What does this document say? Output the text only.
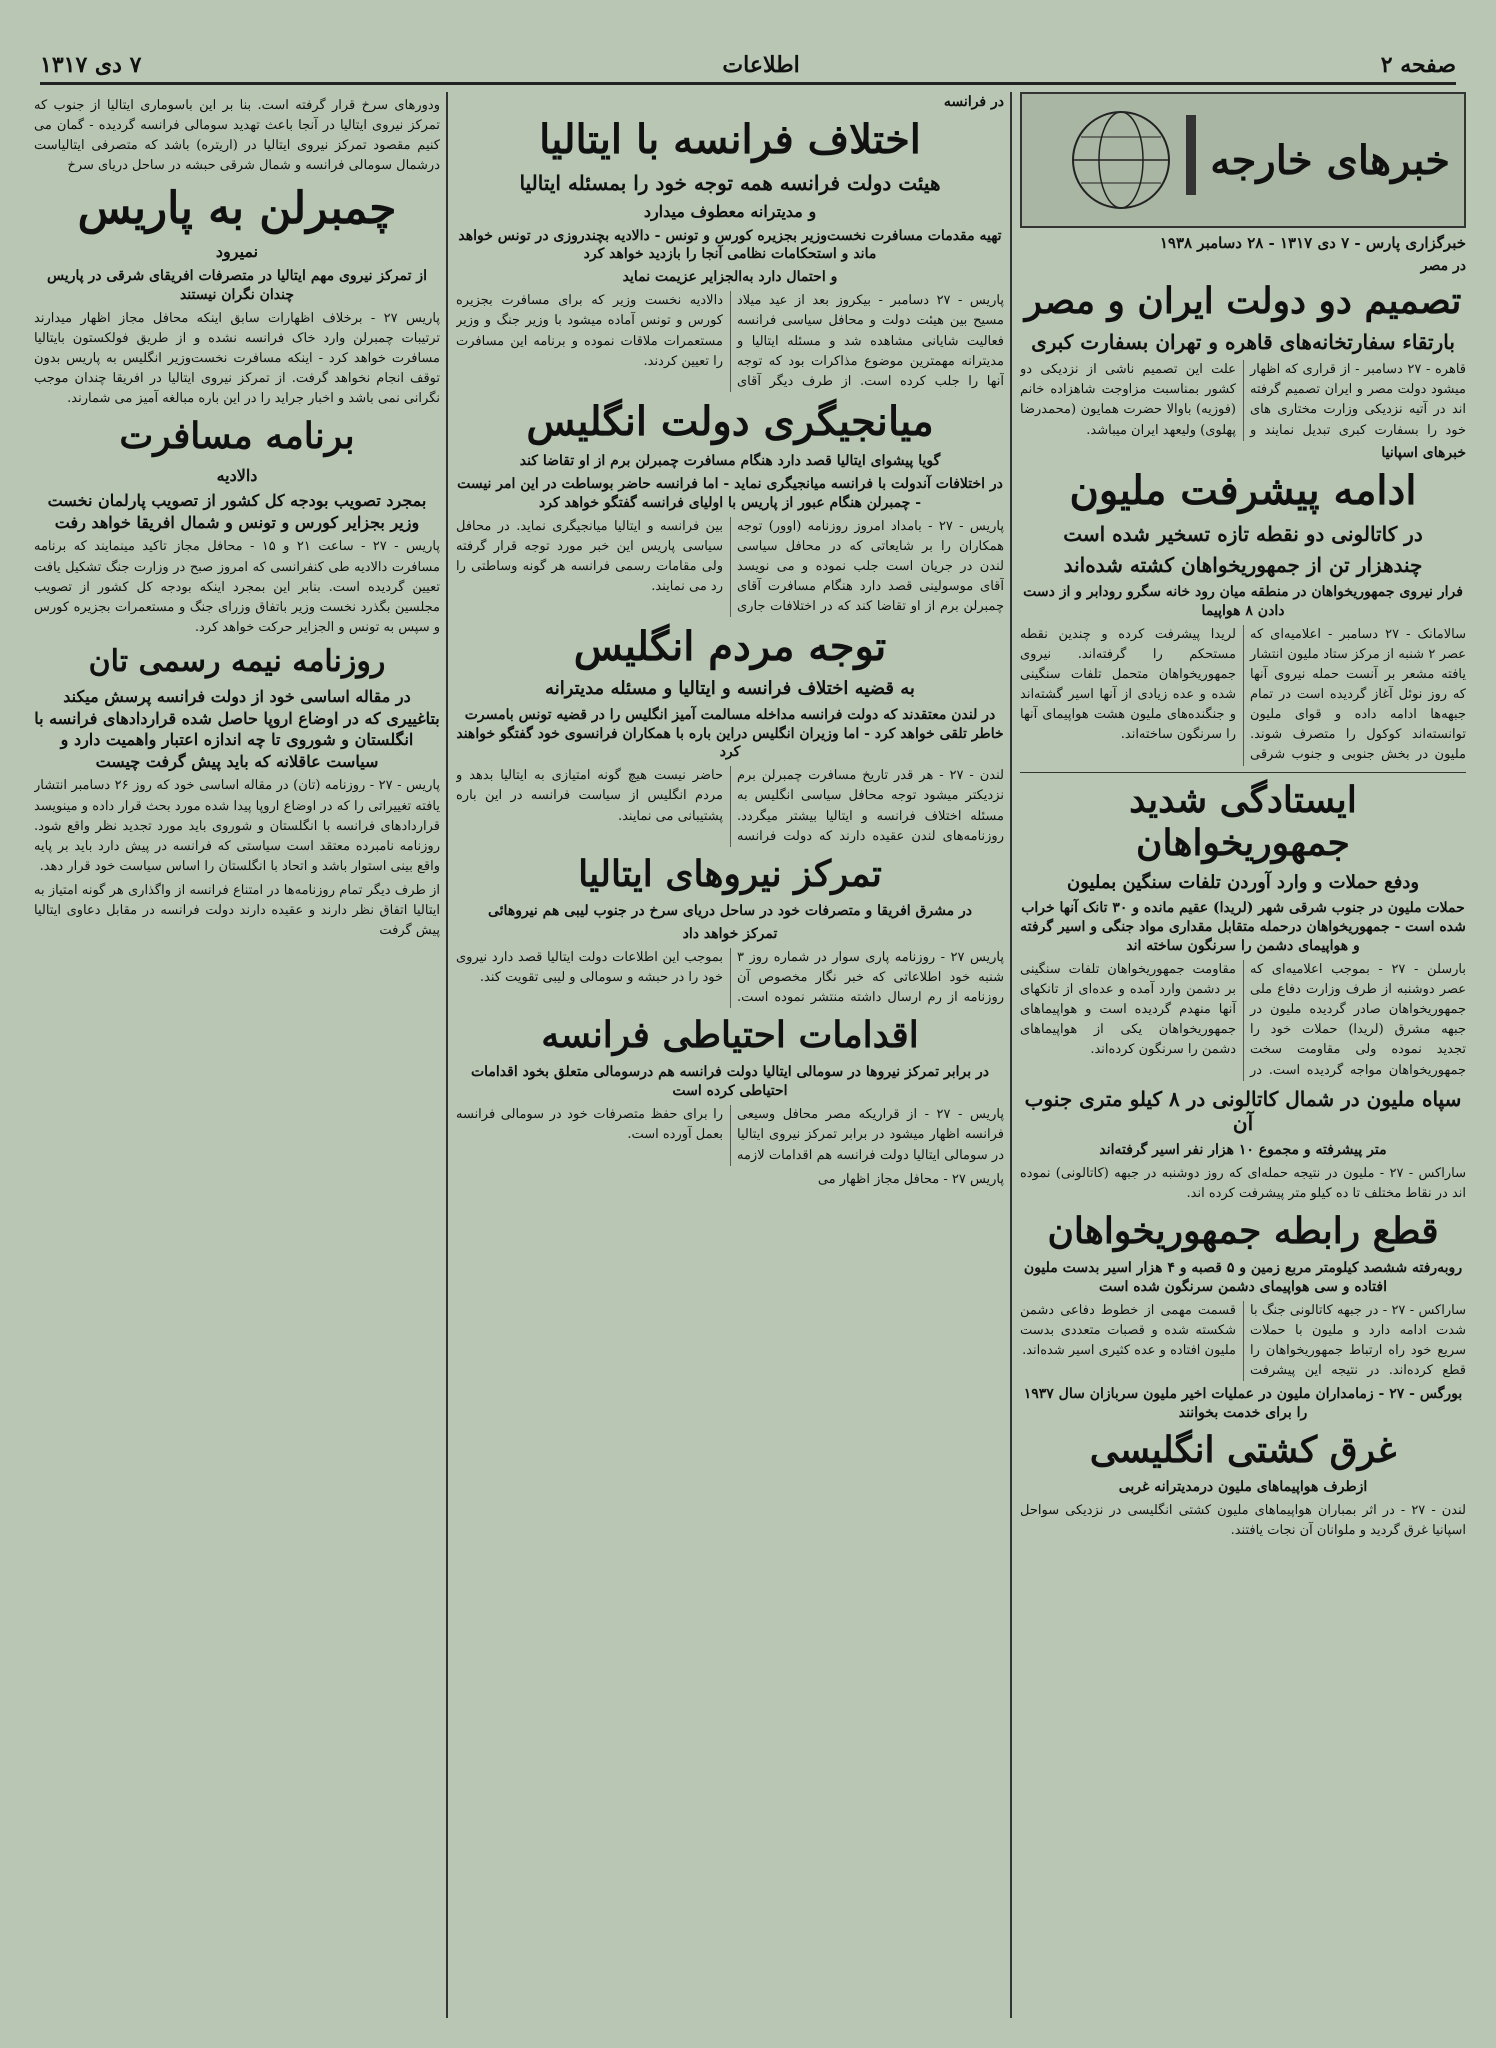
صفحه ۲
اطلاعات
۷ دی ۱۳۱۷
خبرهای خارجه
خبرگزاری پارس - ۷ دی ۱۳۱۷ - ۲۸ دسامبر ۱۹۳۸
در مصر
تصمیم دو دولت ایران و مصر
بارتقاء سفارتخانه‌های قاهره و تهران بسفارت کبری
قاهره - ۲۷ دسامبر - از قراری که اظهار میشود دولت مصر و ایران تصمیم گرفته اند در آتیه نزدیکی وزارت مختاری های خود را بسفارت کبری تبدیل نمایند و علت این تصمیم ناشی از نزدیکی دو کشور بمناسبت مزاوجت شاهزاده خانم (فوزیه) باوالا حضرت همایون (محمدرضا پهلوی) ولیعهد ایران میباشد.
خبرهای اسپانیا
ادامه پیشرفت ملیون
در کاتالونی دو نقطه تازه تسخیر شده است
چندهزار تن از جمهوریخواهان کشته شده‌اند
فرار نیروی جمهوریخواهان در منطقه میان رود خانه سگرو رودابر و از دست دادن ۸ هواپیما
سالامانک - ۲۷ دسامبر - اعلامیه‌ای که عصر ۲ شنبه از مرکز ستاد ملیون انتشار یافته مشعر بر آنست حمله نیروی آنها که روز نوئل آغاز گردیده است در تمام جبهه‌ها ادامه داده و قوای ملیون توانسته‌اند کوکول را متصرف شوند. ملیون در بخش جنوبی و جنوب شرقی لریدا پیشرفت کرده و چندین نقطه مستحکم را گرفته‌اند. نیروی جمهوریخواهان متحمل تلفات سنگینی شده و عده زیادی از آنها اسیر گشته‌اند و جنگنده‌های ملیون هشت هواپیمای آنها را سرنگون ساخته‌اند.
ایستادگی شدید جمهوریخواهان
ودفع حملات و وارد آوردن تلفات سنگین بملیون
حملات ملیون در جنوب شرقی شهر (لریدا) عقیم مانده و ۳۰ تانک آنها خراب شده است - جمهوریخواهان درحمله متقابل مقداری مواد جنگی و اسیر گرفته و هواپیمای دشمن را سرنگون ساخته اند
بارسلن - ۲۷ - بموجب اعلامیه‌ای که عصر دوشنبه از طرف وزارت دفاع ملی جمهوریخواهان صادر گردیده ملیون در جبهه مشرق (لریدا) حملات خود را تجدید نموده ولی مقاومت سخت جمهوریخواهان مواجه گردیده است. در مقاومت جمهوریخواهان تلفات سنگینی بر دشمن وارد آمده و عده‌ای از تانکهای آنها منهدم گردیده است و هواپیماهای جمهوریخواهان یکی از هواپیماهای دشمن را سرنگون کرده‌اند.
سپاه ملیون در شمال کاتالونی در ۸ کیلو مترى جنوب آن
متر پیشرفته و مجموع ۱۰ هزار نفر اسیر گرفته‌اند
ساراکس - ۲۷ - ملیون در نتیجه حمله‌ای که روز دوشنبه در جبهه (کاتالونی) نموده اند در نقاط مختلف تا ده کیلو متر پیشرفت کرده اند.
قطع رابطه جمهوریخواهان
روبه‌رفته ششصد کیلومتر مربع زمین و ۵ قصبه و ۴ هزار اسیر بدست ملیون افتاده و سی هواپیمای دشمن سرنگون شده است
ساراکس - ۲۷ - در جبهه کاتالونی جنگ با شدت ادامه دارد و ملیون با حملات سریع خود راه ارتباط جمهوریخواهان را قطع کرده‌اند. در نتیجه این پیشرفت قسمت مهمی از خطوط دفاعی دشمن شکسته شده و قصبات متعددی بدست ملیون افتاده و عده کثیری اسیر شده‌اند.
بورگس - ۲۷ - زمامداران ملیون در عملیات اخیر ملیون سربازان سال ۱۹۳۷ را برای خدمت بخوانند
غرق کشتی انگلیسی
ازطرف هواپیماهای ملیون درمدیترانه غربی
لندن - ۲۷ - در اثر بمباران هواپیماهای ملیون کشتی انگلیسی در نزدیکی سواحل اسپانیا غرق گردید و ملوانان آن نجات یافتند.
در فرانسه
اختلاف فرانسه با ایتالیا
هیئت دولت فرانسه همه توجه خود را بمسئله ایتالیا
و مدیترانه معطوف میدارد
تهیه مقدمات مسافرت نخست‌وزیر بجزیره کورس و تونس - دالادیه بچندروزی در تونس خواهد ماند و استحکامات نظامی آنجا را بازدید خواهد کرد
و احتمال دارد به‌الجزایر عزیمت نماید
پاریس - ۲۷ دسامبر - بیکروز بعد از عید میلاد مسیح بین هیئت دولت و محافل سیاسی فرانسه فعالیت شایانی مشاهده شد و مسئله ایتالیا و مدیترانه مهمترین موضوع مذاکرات بود که توجه آنها را جلب کرده است. از طرف دیگر آقای دالادیه نخست وزیر که برای مسافرت بجزیره کورس و تونس آماده میشود با وزیر جنگ و وزیر مستعمرات ملاقات نموده و برنامه این مسافرت را تعیین کردند.
میانجیگری دولت انگلیس
گویا پیشوای ایتالیا قصد دارد هنگام مسافرت چمبرلن برم از او تقاضا کند
در اختلافات آندولت با فرانسه میانجیگری نماید - اما فرانسه حاضر بوساطت در این امر نیست - چمبرلن هنگام عبور از پاریس با اولیای فرانسه گفتگو خواهد کرد
پاریس - ۲۷ - بامداد امروز روزنامه (اوور) توجه همکاران را بر شایعاتی که در محافل سیاسی لندن در جریان است جلب نموده و می نویسد آقای موسولینی قصد دارد هنگام مسافرت آقای چمبرلن برم از او تقاضا کند که در اختلافات جاری بین فرانسه و ایتالیا میانجیگری نماید. در محافل سیاسی پاریس این خبر مورد توجه قرار گرفته ولی مقامات رسمی فرانسه هر گونه وساطتی را رد می نمایند.
توجه مردم انگلیس
به قضیه اختلاف فرانسه و ایتالیا و مسئله مدیترانه
در لندن معتقدند که دولت فرانسه مداخله مسالمت آمیز انگلیس را در قضیه تونس بامسرت خاطر تلقی خواهد کرد - اما وزیران انگلیس دراین باره با همکاران فرانسوی خود گفتگو خواهند کرد
لندن - ۲۷ - هر قدر تاریخ مسافرت چمبرلن برم نزدیکتر میشود توجه محافل سیاسی انگلیس به مسئله اختلاف فرانسه و ایتالیا بیشتر میگردد. روزنامه‌های لندن عقیده دارند که دولت فرانسه حاضر نیست هیچ گونه امتیازی به ایتالیا بدهد و مردم انگلیس از سیاست فرانسه در این باره پشتیبانی می نمایند.
تمرکز نیروهای ایتالیا
در مشرق افریقا و متصرفات خود در ساحل دریای سرخ در جنوب لیبی هم نیروهائی
تمرکز خواهد داد
پاریس ۲۷ - روزنامه پاری سوار در شماره روز ۳ شنبه خود اطلاعاتی که خبر نگار مخصوص آن روزنامه از رم ارسال داشته منتشر نموده است. بموجب این اطلاعات دولت ایتالیا قصد دارد نیروی خود را در حبشه و سومالی و لیبی تقویت کند.
اقدامات احتیاطی فرانسه
در برابر تمرکز نیروها در سومالی ایتالیا دولت فرانسه هم درسومالی متعلق بخود اقدامات احتیاطی کرده است
پاریس - ۲۷ - از قراریکه مصر محافل وسیعی فرانسه اظهار میشود در برابر تمرکز نیروی ایتالیا در سومالی ایتالیا دولت فرانسه هم اقدامات لازمه را برای حفظ متصرفات خود در سومالی فرانسه بعمل آورده است.
پاریس ۲۷ - محافل مجاز اظهار می
ودورهای سرخ قرار گرفته است. بنا بر این باسوماری ایتالیا از جنوب که تمرکز نیروی ایتالیا در آنجا باعث تهدید سومالی فرانسه گردیده - گمان می کنیم مقصود تمرکز نیروی ایتالیا در (اریتره) باشد که متصرفی ایتالیاست درشمال سومالی فرانسه و شمال شرقی حبشه در ساحل دریای سرخ
چمبرلن به پاریس
نمیرود
از تمرکز نیروی مهم ایتالیا در متصرفات افریقای شرقی در پاریس چندان نگران نیستند
پاریس ۲۷ - برخلاف اظهارات سابق اینکه محافل مجاز اظهار میدارند ترتیبات چمبرلن وارد خاک فرانسه نشده و از طریق فولکستون بایتالیا مسافرت خواهد کرد - اینکه مسافرت نخست‌وزیر انگلیس به پاریس بدون توقف انجام نخواهد گرفت. از تمرکز نیروی ایتالیا در افریقا چندان موجب نگرانی نمی باشد و اخبار جراید را در این باره مبالغه آمیز می شمارند.
برنامه مسافرت
دالادیه
بمجرد تصویب بودجه کل کشور از تصویب پارلمان نخست وزیر بجزایر کورس و تونس و شمال افریقا خواهد رفت
پاریس - ۲۷ - ساعت ۲۱ و ۱۵ - محافل مجاز تاکید مینمایند که برنامه مسافرت دالادیه طی کنفرانسی که امروز صبح در وزارت جنگ تشکیل یافت تعیین گردیده است. بنابر این بمجرد اینکه بودجه کل کشور از تصویب مجلسین بگذرد نخست وزیر باتفاق وزرای جنگ و مستعمرات بجزیره کورس و سپس به تونس و الجزایر حرکت خواهد کرد.
روزنامه نیمه رسمی تان
در مقاله اساسی خود از دولت فرانسه پرسش میکند بتاغییری که در اوضاع اروپا حاصل شده قراردادهای فرانسه با انگلستان و شوروی تا چه اندازه اعتبار واهمیت دارد و سیاست عاقلانه که باید پیش گرفت چیست
پاریس - ۲۷ - روزنامه (تان) در مقاله اساسی خود که روز ۲۶ دسامبر انتشار یافته تغییراتی را که در اوضاع اروپا پیدا شده مورد بحث قرار داده و مینویسد قراردادهای فرانسه با انگلستان و شوروی باید مورد تجدید نظر واقع شود. روزنامه نامبرده معتقد است سیاستی که فرانسه در پیش دارد باید بر پایه واقع بینی استوار باشد و اتحاد با انگلستان را اساس سیاست خود قرار دهد.
از طرف دیگر تمام روزنامه‌ها در امتناع فرانسه از واگذاری هر گونه امتیاز به ایتالیا اتفاق نظر دارند و عقیده دارند دولت فرانسه در مقابل دعاوی ایتالیا پیش گرفت
